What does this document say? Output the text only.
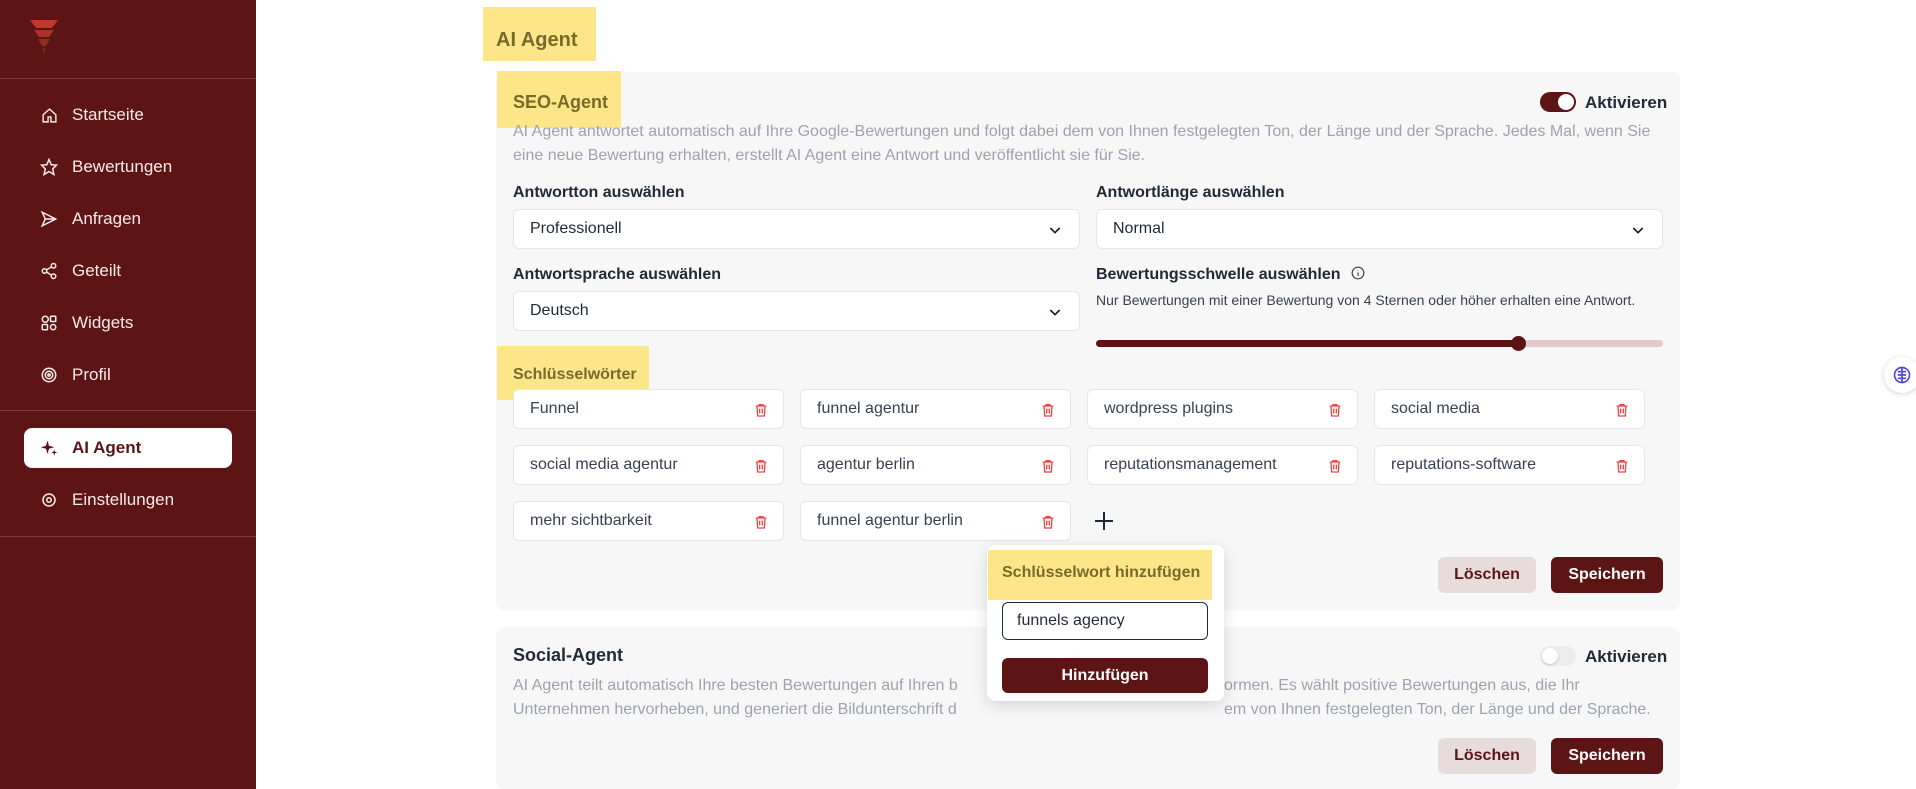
Startseite
Bewertungen
Anfragen
Geteilt
Widgets
Profil
AI Agent
Einstellungen
AI Agent
SEO-Agent	Aktivieren

AI Agent antwortet automatisch auf Ihre Google-Bewertungen und folgt dabei dem von Ihnen festgelegten Ton, der Länge und der Sprache. Jedes Mal, wenn Sie eine neue Bewertung erhalten, erstellt AI Agent eine Antwort und veröffentlicht sie für Sie.

Antwortton auswählen
Professionell
Antwortlänge auswählen
Normal
Antwortsprache auswählen
Deutsch
Bewertungsschwelle auswählen

Nur Bewertungen mit einer Bewertung von 4 Sternen oder höher erhalten eine Antwort.

Schlüsselwörter
Funnel	funnel agentur	wordpress plugins	social media
social media agentur	agentur berlin	reputationsmanagement	reputations-software
mehr sichtbarkeit	funnel agentur berlin
Löschen	Speichern
Social-Agent	Aktivieren

AI Agent teilt automatisch Ihre besten Bewertungen auf Ihren b
Unternehmen hervorheben, und generiert die Bildunterschrift d

ormen. Es wählt positive Bewertungen aus, die Ihr
em von Ihnen festgelegten Ton, der Länge und der Sprache.

Löschen	Speichern
Schlüsselwort hinzufügen
funnels agency
Hinzufügen
